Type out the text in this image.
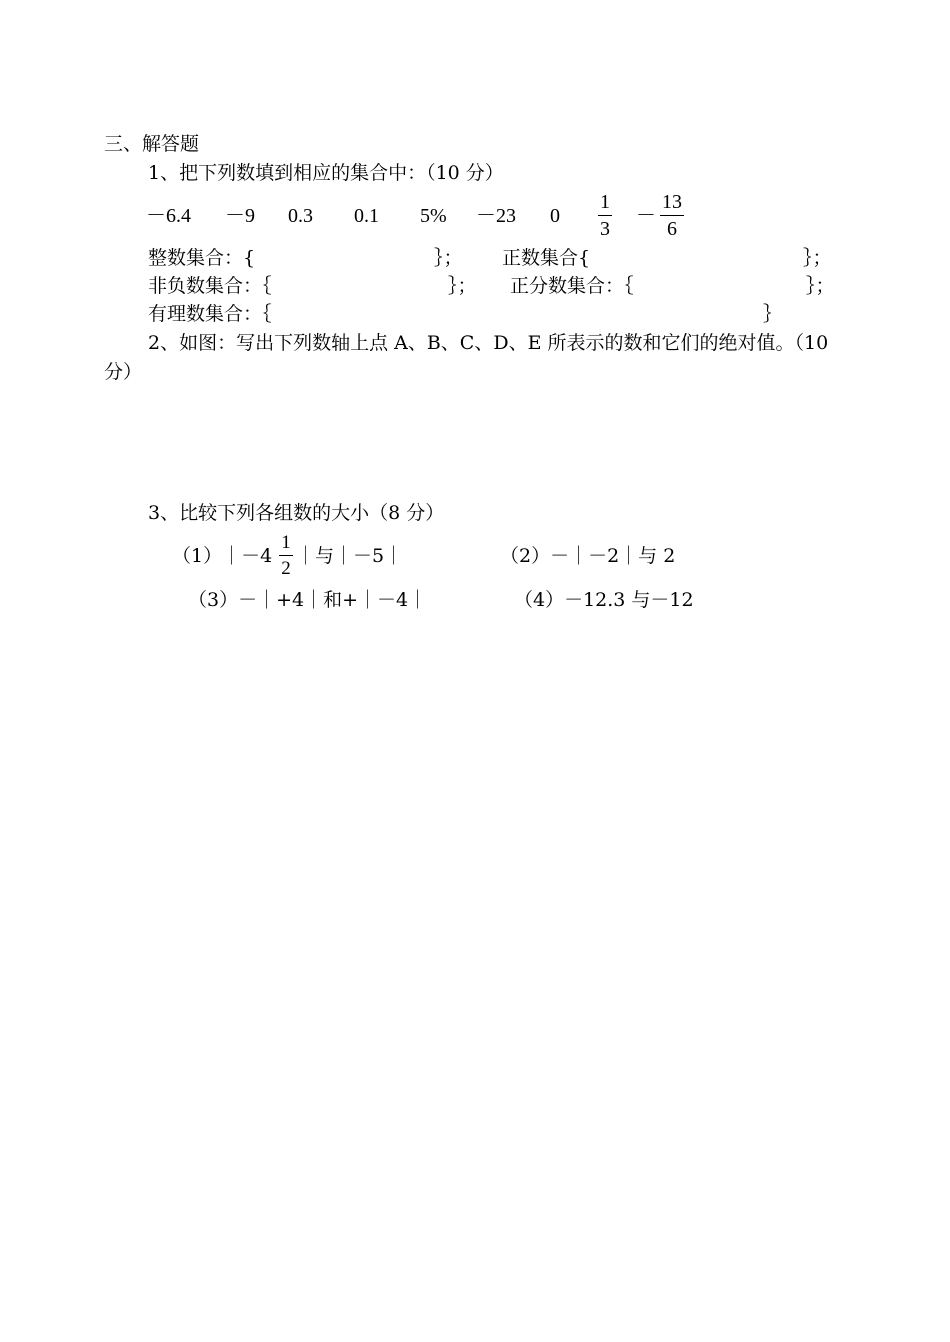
三、解答题
1、把下列数填到相应的集合中：（10 分）
－6.4 －9 0.3 0.1 5% －23 0
1
3
－
13
6
整数集合：{	｝； 正数集合{	｝；
非负数集合：｛	｝； 正分数集合：｛	｝；
有理数集合：｛	｝
2、如图：写出下列数轴上点 A、B、C、D、E 所表示的数和它们的绝对值。（10
分）
3、比较下列各组数的大小（8 分）
（1）｜－4
1
2
｜与｜－5｜	（2）－｜－2｜与 2
（3）－｜+4｜和+｜－4｜	（4）－12.3 与－12
